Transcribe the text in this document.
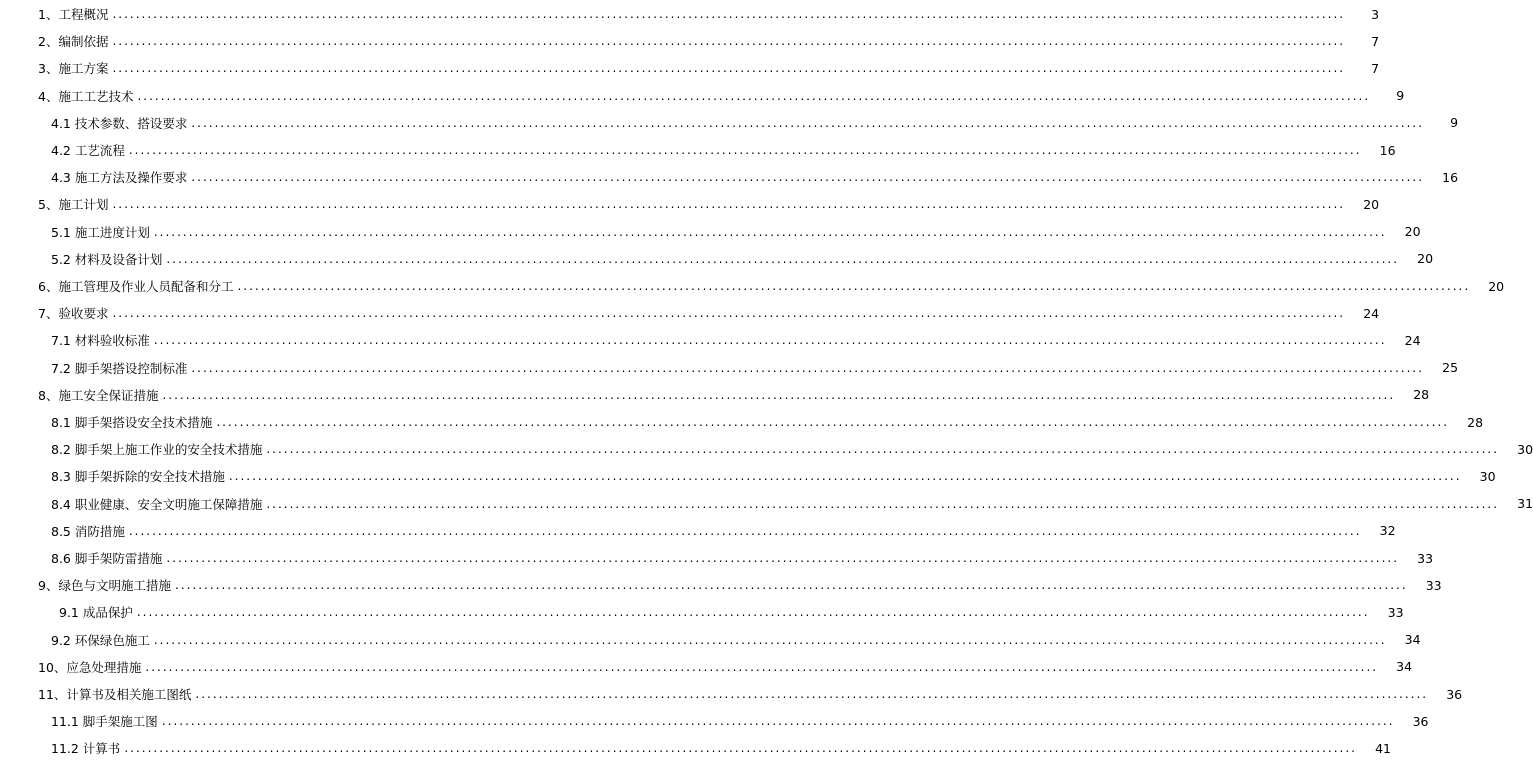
1、工程概况 .....	3
2、编制依据 .....	7
3、施工方案 .....	7
4、施工工艺技术 .....	9
4.1 技术参数、搭设要求 .....	9
4.2 工艺流程 .....	16
4.3 施工方法及操作要求 .....	16
5、施工计划 .....	20
5.1 施工进度计划 .....	20
5.2 材料及设备计划 .....	20
6、施工管理及作业人员配备和分工 .....	20
7、验收要求 .....	24
7.1 材料验收标准 .....	24
7.2 脚手架搭设控制标准 .....	25
8、施工安全保证措施 .....	28
8.1 脚手架搭设安全技术措施 .....	28
8.2 脚手架上施工作业的安全技术措施 .....	30
8.3 脚手架拆除的安全技术措施 .....	30
8.4 职业健康、安全文明施工保障措施 .....	31
8.5 消防措施 .....	32
8.6 脚手架防雷措施 .....	33
9、绿色与文明施工措施 .....	33
9.1 成品保护 .....	33
9.2 环保绿色施工 .....	34
10、应急处理措施 .....	34
11、计算书及相关施工图纸 .....	36
11.1 脚手架施工图 .....	36
11.2 计算书 .....	41
